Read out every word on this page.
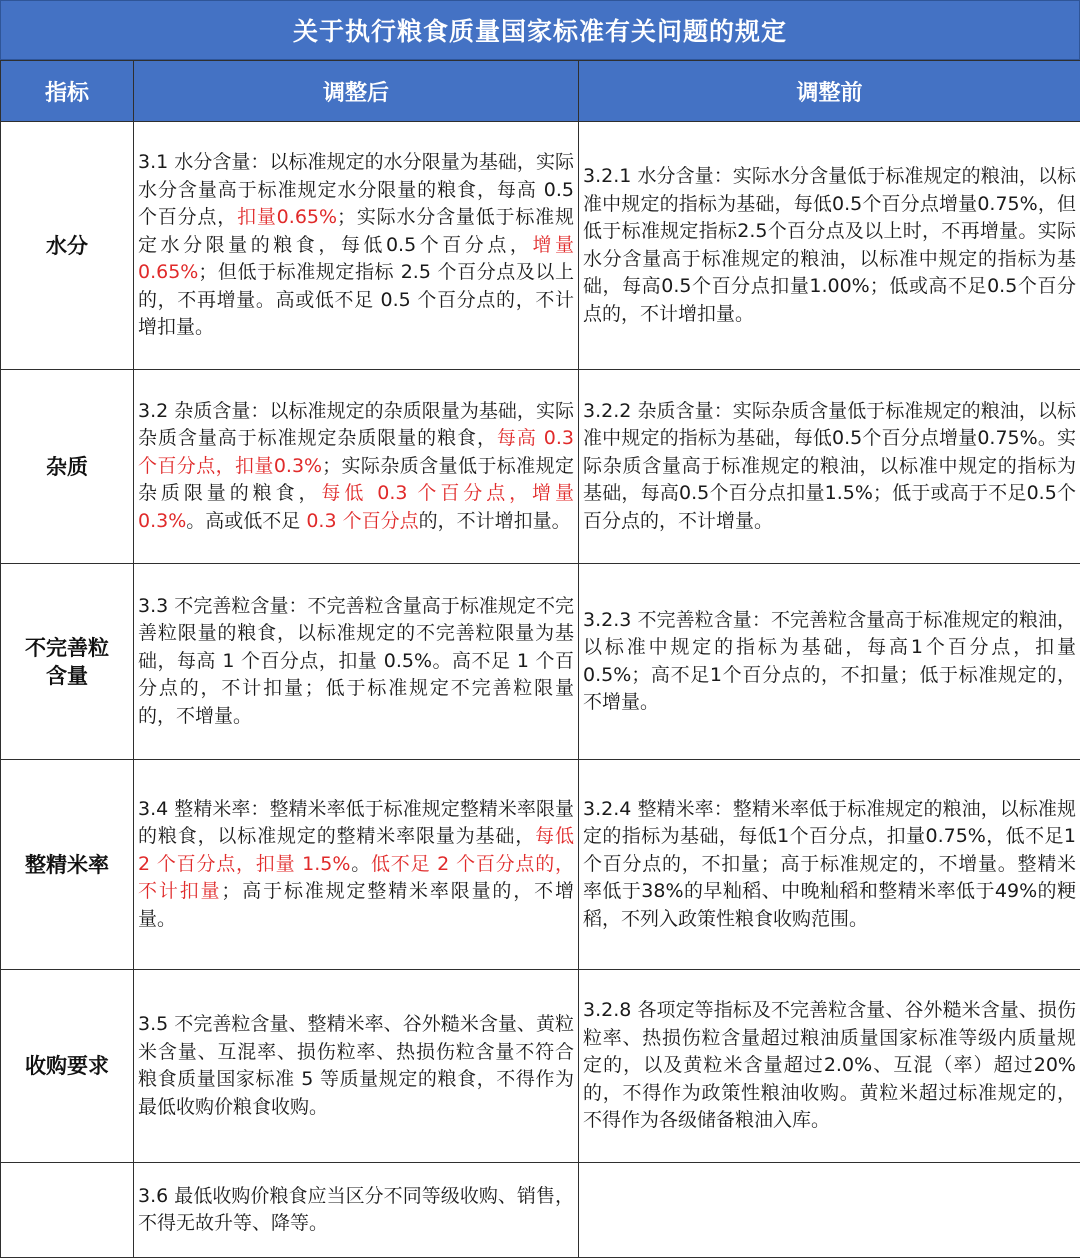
关于执行粮食质量国家标准有关问题的规定
指标	调整后	调整前
水分	3.1 水分含量：以标准规定的水分限量为基础，实际水分含量高于标准规定水分限量的粮食，每高 0.5 个百分点，扣量0.65%；实际水分含量低于标准规定水分限量的粮食，每低0.5个百分点，增量 0.65%；但低于标准规定指标 2.5 个百分点及以上的，不再增量。高或低不足 0.5 个百分点的，不计增扣量。	3.2.1 水分含量：实际水分含量低于标准规定的粮油，以标准中规定的指标为基础，每低0.5个百分点增量0.75%，但低于标准规定指标2.5个百分点及以上时，不再增量。实际水分含量高于标准规定的粮油，以标准中规定的指标为基础，每高0.5个百分点扣量1.00%；低或高不足0.5个百分点的，不计增扣量。
杂质	3.2 杂质含量：以标准规定的杂质限量为基础，实际杂质含量高于标准规定杂质限量的粮食，每高 0.3 个百分点，扣量0.3%；实际杂质含量低于标准规定杂质限量的粮食，每低 0.3 个百分点，增量 0.3%。高或低不足 0.3 个百分点的，不计增扣量。	3.2.2 杂质含量：实际杂质含量低于标准规定的粮油，以标准中规定的指标为基础，每低0.5个百分点增量0.75%。实际杂质含量高于标准规定的粮油，以标准中规定的指标为基础，每高0.5个百分点扣量1.5%；低于或高于不足0.5个百分点的，不计增量。
不完善粒含量	3.3 不完善粒含量：不完善粒含量高于标准规定不完善粒限量的粮食，以标准规定的不完善粒限量为基础，每高 1 个百分点，扣量 0.5%。高不足 1 个百分点的，不计扣量；低于标准规定不完善粒限量的，不增量。	3.2.3 不完善粒含量：不完善粒含量高于标准规定的粮油，以标准中规定的指标为基础，每高1个百分点，扣量0.5%；高不足1个百分点的，不扣量；低于标准规定的，不增量。
整精米率	3.4 整精米率：整精米率低于标准规定整精米率限量的粮食，以标准规定的整精米率限量为基础，每低 2 个百分点，扣量 1.5%。低不足 2 个百分点的，不计扣量；高于标准规定整精米率限量的，不增量。	3.2.4 整精米率：整精米率低于标准规定的粮油，以标准规定的指标为基础，每低1个百分点，扣量0.75%，低不足1个百分点的，不扣量；高于标准规定的，不增量。整精米率低于38%的早籼稻、中晚籼稻和整精米率低于49%的粳稻，不列入政策性粮食收购范围。
收购要求	3.5 不完善粒含量、整精米率、谷外糙米含量、黄粒米含量、互混率、损伤粒率、热损伤粒含量不符合粮食质量国家标准 5 等质量规定的粮食，不得作为最低收购价粮食收购。	3.2.8 各项定等指标及不完善粒含量、谷外糙米含量、损伤粒率、热损伤粒含量超过粮油质量国家标准等级内质量规定的，以及黄粒米含量超过2.0%、互混（率）超过20%的，不得作为政策性粮油收购。黄粒米超过标准规定的，不得作为各级储备粮油入库。
	3.6 最低收购价粮食应当区分不同等级收购、销售，不得无故升等、降等。	
